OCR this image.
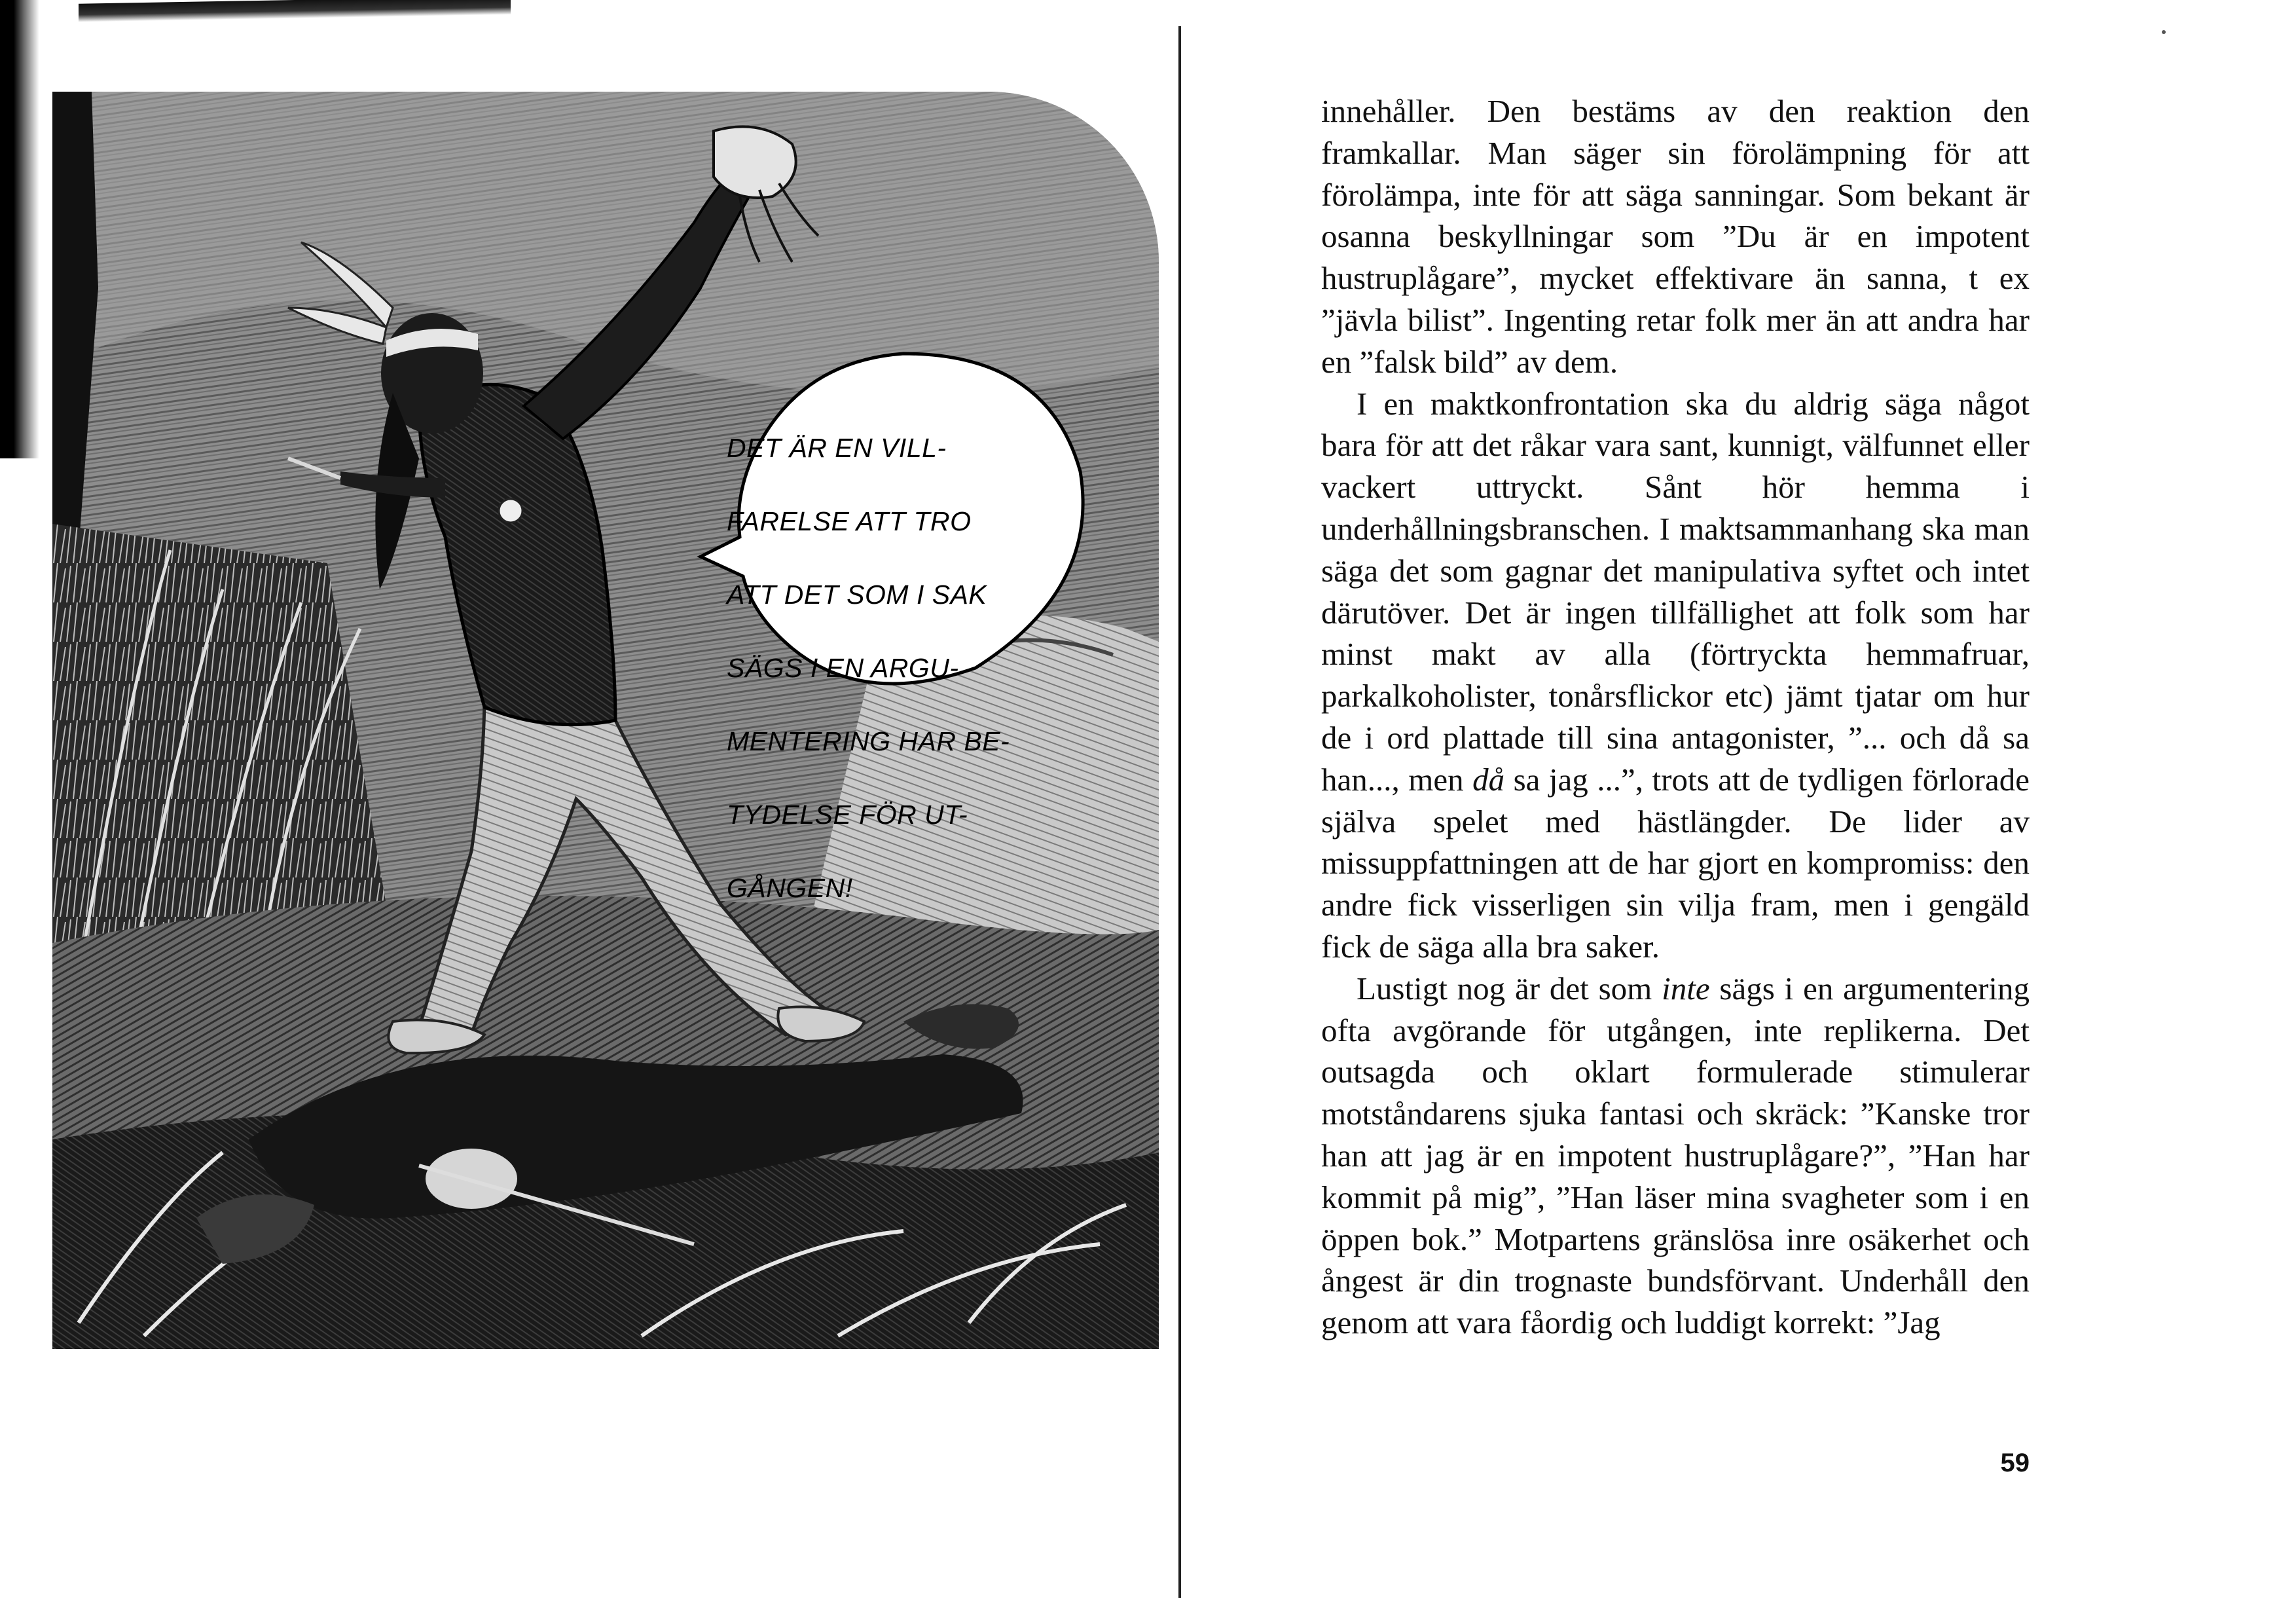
DET ÄR EN VILL-

FARELSE ATT TRO

ATT DET SOM I SAK

SÄGS I EN ARGU-

MENTERING HAR BE-

TYDELSE FÖR UT-

GÅNGEN!

innehåller. Den bestäms av den reaktion den framkallar. Man säger sin förolämpning för att förolämpa, inte för att säga sanningar. Som bekant är osanna beskyllningar som ”Du är en impotent hustruplågare”, mycket effektivare än sanna, t ex ”jävla bilist”. Ingenting retar folk mer än att andra har en ”falsk bild” av dem.

I en maktkonfrontation ska du aldrig säga något bara för att det råkar vara sant, kunnigt, välfunnet eller vackert uttryckt. Sånt hör hemma i underhållningsbranschen. I maktsammanhang ska man säga det som gagnar det manipulativa syftet och intet därutöver. Det är ingen tillfällighet att folk som har minst makt av alla (förtryckta hemmafruar, parkalkoholister, tonårsflickor etc) jämt tjatar om hur de i ord plattade till sina antagonister, ”... och då sa han..., men då sa jag ...”, trots att de tydligen förlorade själva spelet med hästlängder. De lider av missuppfattningen att de har gjort en kompromiss: den andre fick visserligen sin vilja fram, men i gengäld fick de säga alla bra saker.

Lustigt nog är det som inte sägs i en argumentering ofta avgörande för utgången, inte replikerna. Det outsagda och oklart formulerade stimulerar motståndarens sjuka fantasi och skräck: ”Kanske tror han att jag är en impotent hustruplågare?”, ”Han har kommit på mig”, ”Han läser mina svagheter som i en öppen bok.” Motpartens gränslösa inre osäkerhet och ångest är din trognaste bundsförvant. Underhåll den genom att vara fåordig och luddigt korrekt: ”Jag

59
